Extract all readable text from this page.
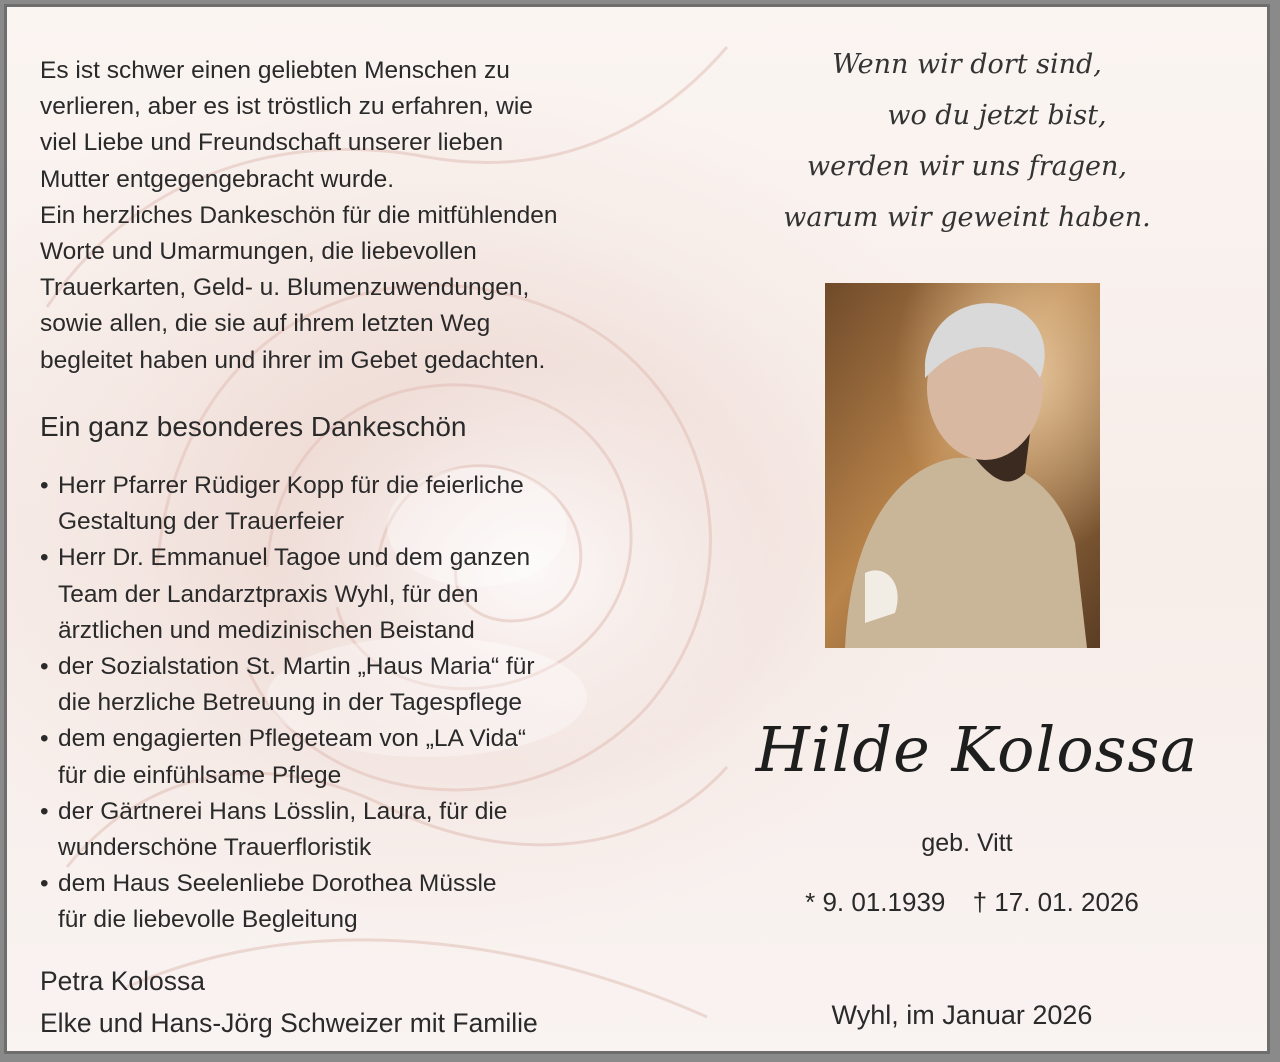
Es ist schwer einen geliebten Menschen zu

verlieren, aber es ist tröstlich zu erfahren, wie

viel Liebe und Freundschaft unserer lieben

Mutter entgegengebracht wurde.

Ein herzliches Dankeschön für die mitfühlenden

Worte und Umarmungen, die liebevollen

Trauerkarten, Geld- u. Blumenzuwendungen,

sowie allen, die sie auf ihrem letzten Weg

begleitet haben und ihrer im Gebet gedachten.

Ein ganz besonderes Dankeschön
• Herr Pfarrer Rüdiger Kopp für die feierliche
Gestaltung der Trauerfeier
• Herr Dr. Emmanuel Tagoe und dem ganzen
Team der Landarztpraxis Wyhl, für den
ärztlichen und medizinischen Beistand
• der Sozialstation St. Martin „Haus Maria“ für
die herzliche Betreuung in der Tagespflege
• dem engagierten Pflegeteam von „LA Vida“
für die einfühlsame Pflege
• der Gärtnerei Hans Lösslin, Laura, für die
wunderschöne Trauerfloristik
• dem Haus Seelenliebe Dorothea Müssle
für die liebevolle Begleitung
Petra Kolossa
Elke und Hans-Jörg Schweizer mit Familie
Wenn wir dort sind,
wo du jetzt bist,
werden wir uns fragen,
warum wir geweint haben.
Hilde Kolossa
geb. Vitt
* 9. 01.1939 † 17. 01. 2026
Wyhl, im Januar 2026
